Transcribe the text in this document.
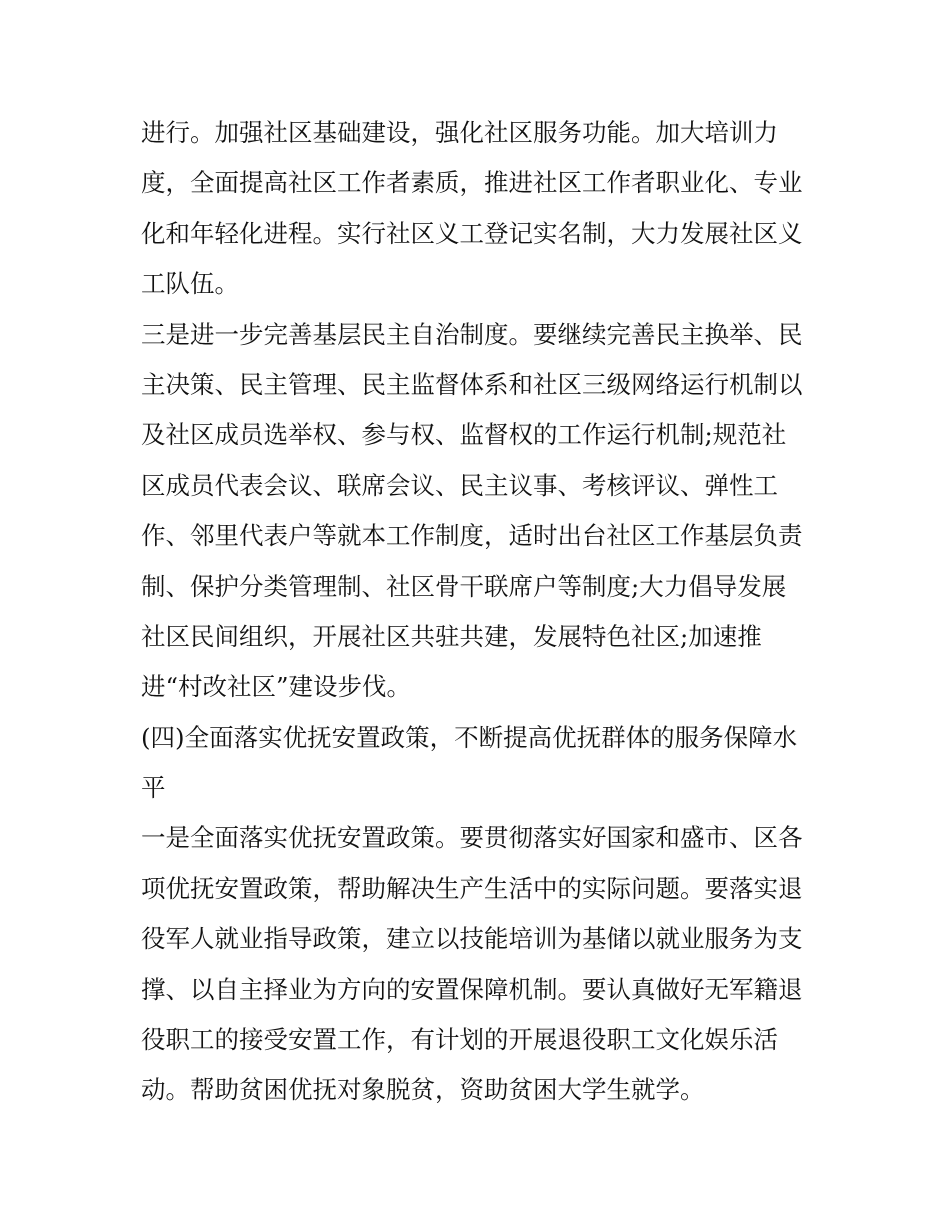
进行。加强社区基础建设，强化社区服务功能。加大培训力

度，全面提高社区工作者素质，推进社区工作者职业化、专业

化和年轻化进程。实行社区义工登记实名制，大力发展社区义

工队伍。

三是进一步完善基层民主自治制度。要继续完善民主换举、民

主决策、民主管理、民主监督体系和社区三级网络运行机制以

及社区成员选举权、参与权、监督权的工作运行机制;规范社

区成员代表会议、联席会议、民主议事、考核评议、弹性工

作、邻里代表户等就本工作制度，适时出台社区工作基层负责

制、保护分类管理制、社区骨干联席户等制度;大力倡导发展

社区民间组织，开展社区共驻共建，发展特色社区;加速推

进“村改社区”建设步伐。

(四)全面落实优抚安置政策，不断提高优抚群体的服务保障水

平

一是全面落实优抚安置政策。要贯彻落实好国家和盛市、区各

项优抚安置政策，帮助解决生产生活中的实际问题。要落实退

役军人就业指导政策，建立以技能培训为基储以就业服务为支

撑、以自主择业为方向的安置保障机制。要认真做好无军籍退

役职工的接受安置工作，有计划的开展退役职工文化娱乐活

动。帮助贫困优抚对象脱贫，资助贫困大学生就学。
